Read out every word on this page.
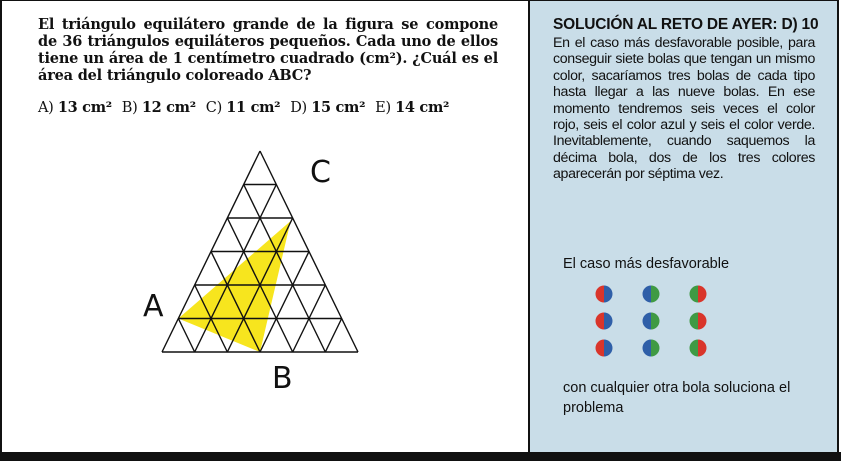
El triángulo equilátero grande de la figura se compone de 36 triángulos equiláteros pequeños. Cada uno de ellos tiene un área de 1 centímetro cuadrado (cm²). ¿Cuál es el área del triángulo coloreado ABC?
A) 13 cm² B) 12 cm² C) 11 cm² D) 15 cm² E) 14 cm²
A
B
C
SOLUCIÓN AL RETO DE AYER: D) 10
En el caso más desfavorable posible, para conseguir siete bolas que tengan un mismo color, sacaríamos tres bolas de cada tipo hasta llegar a las nueve bolas. En ese momento tendremos seis veces el color rojo, seis el color azul y seis el color verde. Inevitablemente, cuando saquemos la décima bola, dos de los tres colores aparecerán por séptima vez.
El caso más desfavorable
con cualquier otra bola soluciona el problema
